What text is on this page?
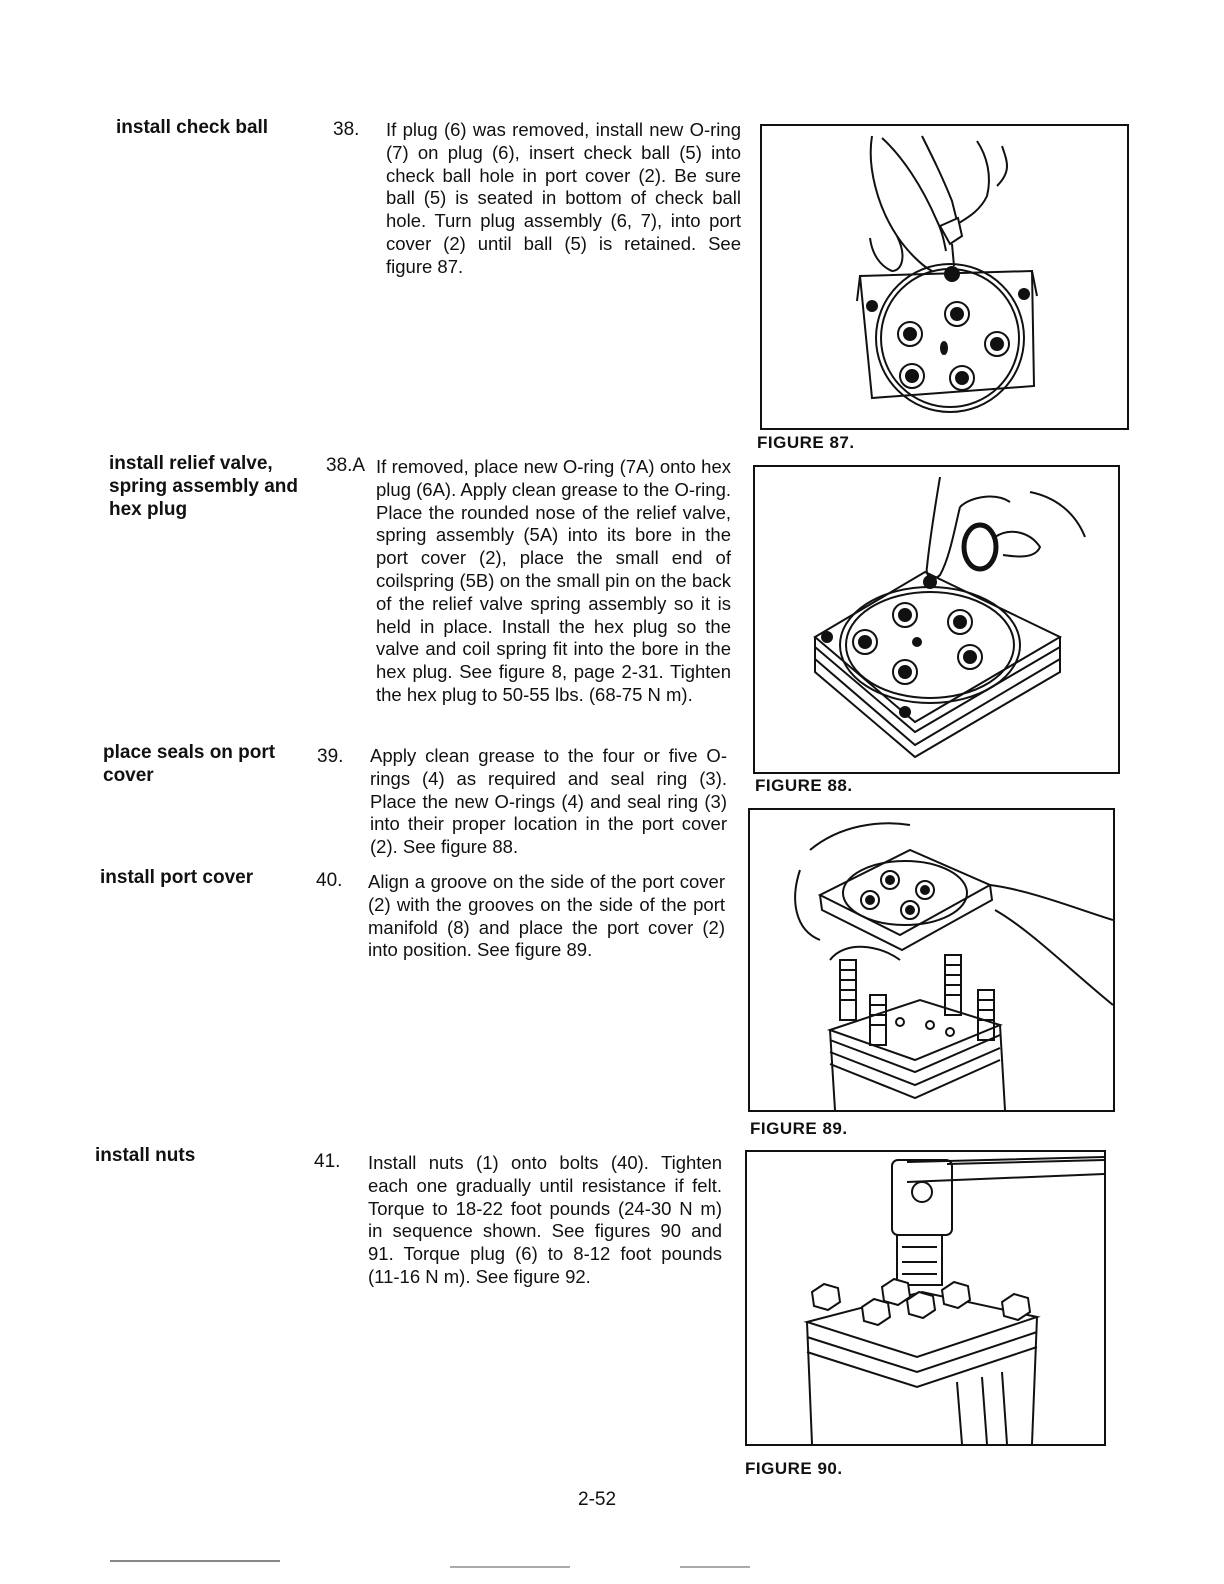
install check ball	38. If plug (6) was removed, install new O-ring (7) on plug (6), insert check ball (5) into check ball hole in port cover (2). Be sure ball (5) is seated in bottom of check ball hole. Turn plug assembly (6, 7), into port cover (2) until ball (5) is retained. See figure 87.
install relief valve, spring assembly and hex plug
38.A If removed, place new O-ring (7A) onto hex plug (6A). Apply clean grease to the O-ring. Place the rounded nose of the relief valve, spring assembly (5A) into its bore in the port cover (2), place the small end of coilspring (5B) on the small pin on the back of the relief valve spring assembly so it is held in place. Install the hex plug so the valve and coil spring fit into the bore in the hex plug. See figure 8, page 2-31. Tighten the hex plug to 50-55 lbs. (68-75 N m).
place seals on port cover
39. Apply clean grease to the four or five O-rings (4) as required and seal ring (3). Place the new O-rings (4) and seal ring (3) into their proper location in the port cover (2). See figure 88.
install port cover	40. Align a groove on the side of the port cover (2) with the grooves on the side of the port manifold (8) and place the port cover (2) into position. See figure 89.
install nuts	41. Install nuts (1) onto bolts (40). Tighten each one gradually until resistance if felt. Torque to 18-22 foot pounds (24-30 N m) in sequence shown. See figures 90 and 91. Torque plug (6) to 8-12 foot pounds (11-16 N m). See figure 92.
FIGURE 87.
FIGURE 88.
FIGURE 89.
FIGURE 90.
2-52
